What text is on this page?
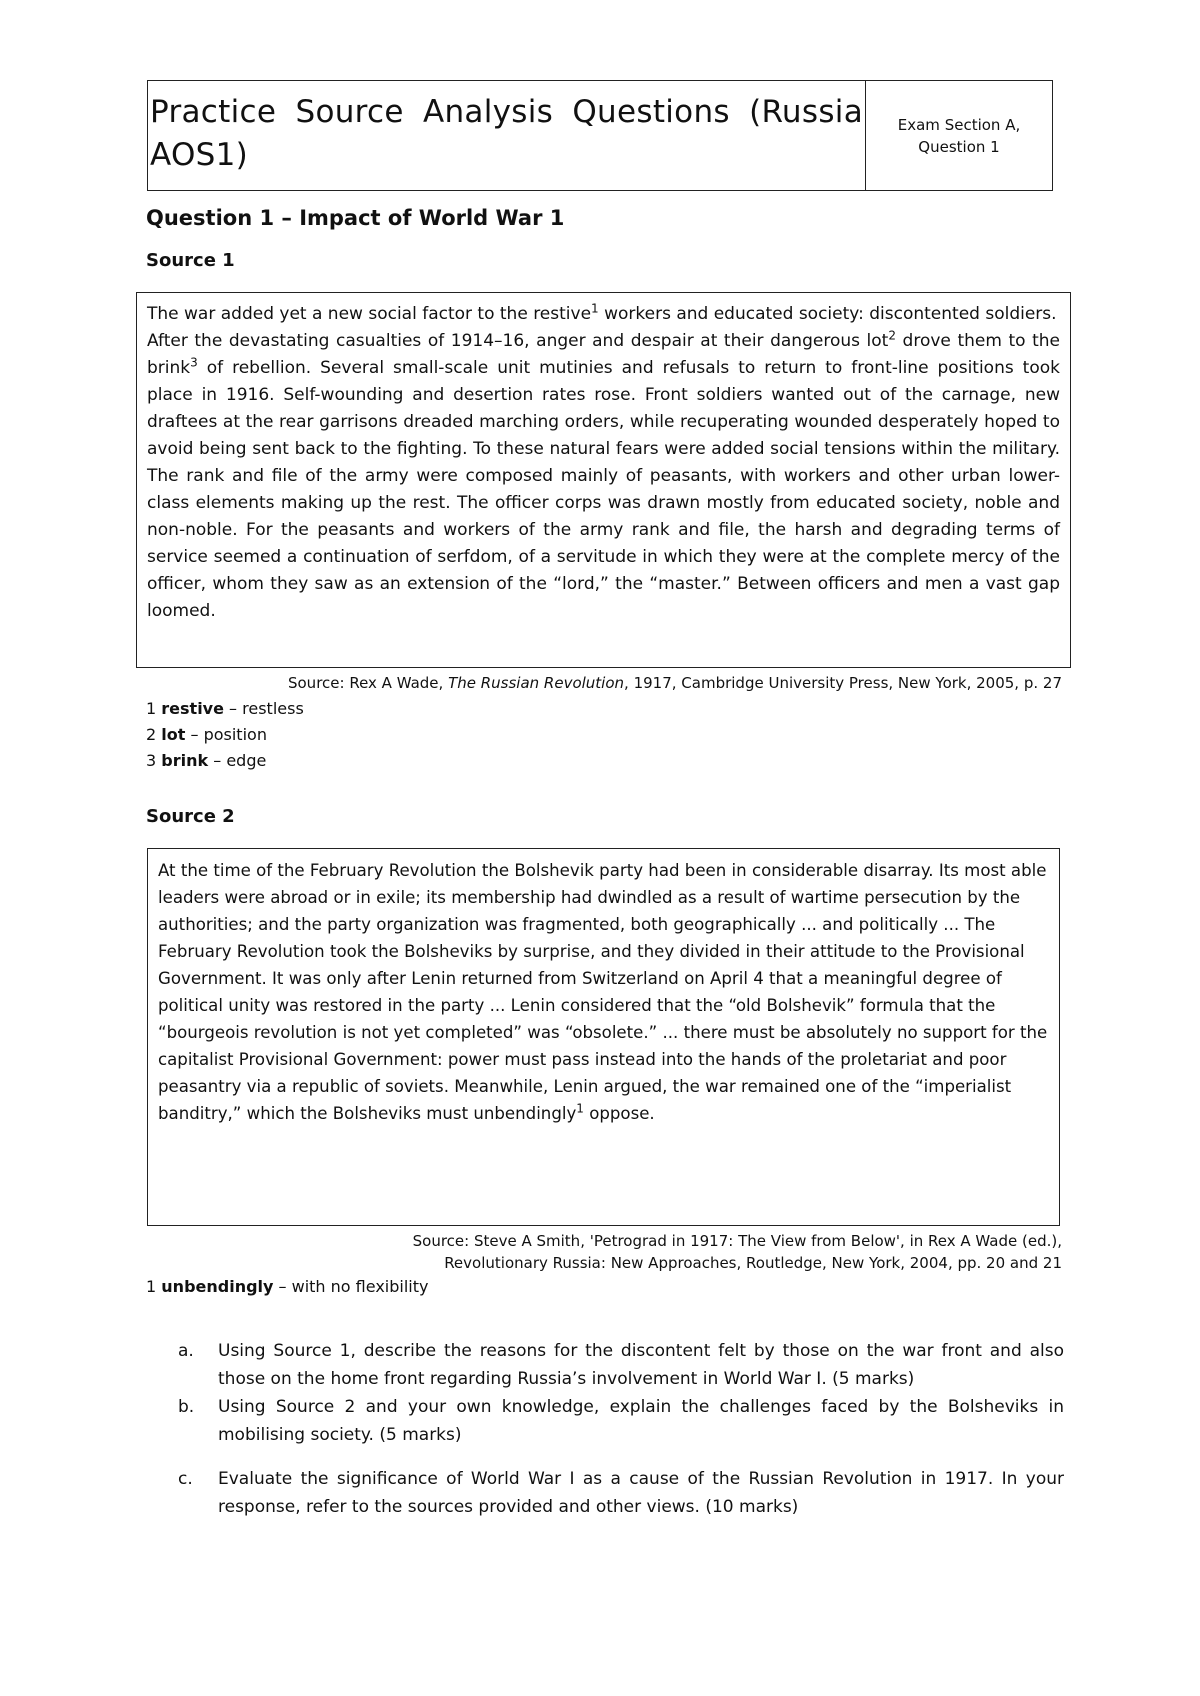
Practice Source Analysis Questions (Russia AOS1)
Exam Section A,
Question 1
Question 1 – Impact of World War 1
Source 1

The war added yet a new social factor to the restive$^1$ workers and educated society: discontented soldiers.

After the devastating casualties of 1914–16, anger and despair at their dangerous lot$^2$ drove them to the brink$^3$ of rebellion. Several small-scale unit mutinies and refusals to return to front-line positions took place in 1916. Self-wounding and desertion rates rose. Front soldiers wanted out of the carnage, new draftees at the rear garrisons dreaded marching orders, while recuperating wounded desperately hoped to avoid being sent back to the fighting. To these natural fears were added social tensions within the military. The rank and file of the army were composed mainly of peasants, with workers and other urban lower-class elements making up the rest. The officer corps was drawn mostly from educated society, noble and non-noble. For the peasants and workers of the army rank and file, the harsh and degrading terms of service seemed a continuation of serfdom, of a servitude in which they were at the complete mercy of the officer, whom they saw as an extension of the “lord,” the “master.” Between officers and men a vast gap loomed.

Source: Rex A Wade, The Russian Revolution, 1917, Cambridge University Press, New York, 2005, p. 27
1 restive – restless
2 lot – position
3 brink – edge
Source 2

At the time of the February Revolution the Bolshevik party had been in considerable disarray. Its most able leaders were abroad or in exile; its membership had dwindled as a result of wartime persecution by the authorities; and the party organization was fragmented, both geographically ... and politically ... The

February Revolution took the Bolsheviks by surprise, and they divided in their attitude to the Provisional

Government. It was only after Lenin returned from Switzerland on April 4 that a meaningful degree of political unity was restored in the party ... Lenin considered that the “old Bolshevik” formula that the “bourgeois revolution is not yet completed” was “obsolete.” ... there must be absolutely no support for the capitalist Provisional Government: power must pass instead into the hands of the proletariat and poor peasantry via a republic of soviets. Meanwhile, Lenin argued, the war remained one of the “imperialist banditry,” which the Bolsheviks must unbendingly$^1$ oppose.

Source: Steve A Smith, 'Petrograd in 1917: The View from Below', in Rex A Wade (ed.),
Revolutionary Russia: New Approaches, Routledge, New York, 2004, pp. 20 and 21
1 unbendingly – with no flexibility
a.	Using Source 1, describe the reasons for the discontent felt by those on the war front and also those on the home front regarding Russia’s involvement in World War I. (5 marks)
b.	Using Source 2 and your own knowledge, explain the challenges faced by the Bolsheviks in mobilising society. (5 marks)
c.	Evaluate the significance of World War I as a cause of the Russian Revolution in 1917. In your response, refer to the sources provided and other views. (10 marks)
